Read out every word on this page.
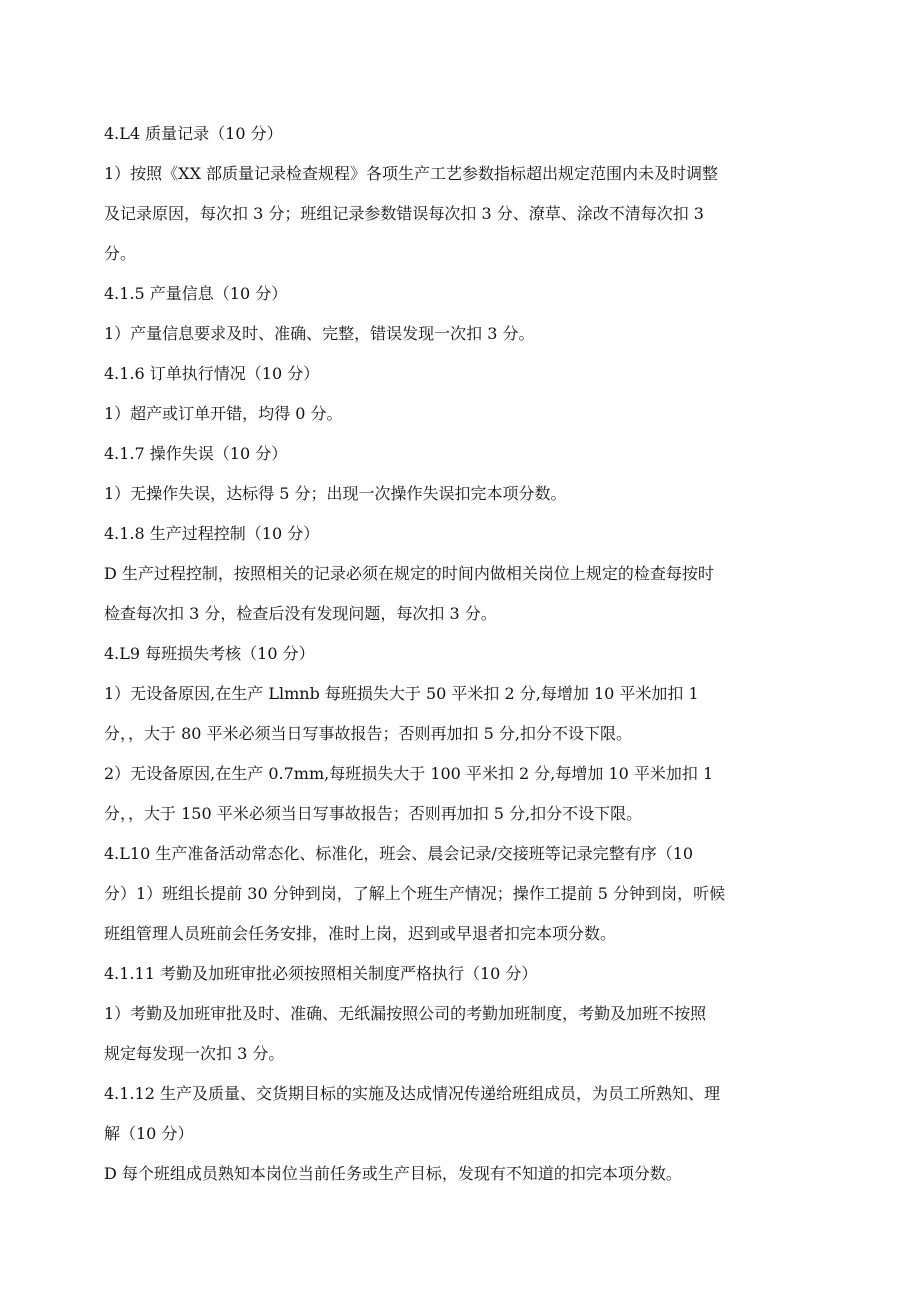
4.L4 质量记录（10 分）
1）按照《XX 部质量记录检查规程》各项生产工艺参数指标超出规定范围内未及时调整
及记录原因，每次扣 3 分；班组记录参数错误每次扣 3 分、潦草、涂改不清每次扣 3
分。
4.1.5 产量信息（10 分）
1）产量信息要求及时、准确、完整，错误发现一次扣 3 分。
4.1.6 订单执行情况（10 分）
1）超产或订单开错，均得 0 分。
4.1.7 操作失误（10 分）
1）无操作失误，达标得 5 分；出现一次操作失误扣完本项分数。
4.1.8 生产过程控制（10 分）
D 生产过程控制，按照相关的记录必须在规定的时间内做相关岗位上规定的检查每按时
检查每次扣 3 分，检查后没有发现问题，每次扣 3 分。
4.L9 每班损失考核（10 分）
1）无设备原因,在生产 Llmnb 每班损失大于 50 平米扣 2 分,每增加 10 平米加扣 1
分，，大于 80 平米必须当日写事故报告；否则再加扣 5 分,扣分不设下限。
2）无设备原因,在生产 0.7mm,每班损失大于 100 平米扣 2 分,每增加 10 平米加扣 1
分，，大于 150 平米必须当日写事故报告；否则再加扣 5 分,扣分不设下限。
4.L10 生产准备活动常态化、标准化，班会、晨会记录/交接班等记录完整有序（10
分）1）班组长提前 30 分钟到岗，了解上个班生产情况；操作工提前 5 分钟到岗，听候
班组管理人员班前会任务安排，准时上岗，迟到或早退者扣完本项分数。
4.1.11 考勤及加班审批必须按照相关制度严格执行（10 分）
1）考勤及加班审批及时、准确、无纸漏按照公司的考勤加班制度，考勤及加班不按照
规定每发现一次扣 3 分。
4.1.12 生产及质量、交货期目标的实施及达成情况传递给班组成员，为员工所熟知、理
解（10 分）
D 每个班组成员熟知本岗位当前任务或生产目标，发现有不知道的扣完本项分数。
